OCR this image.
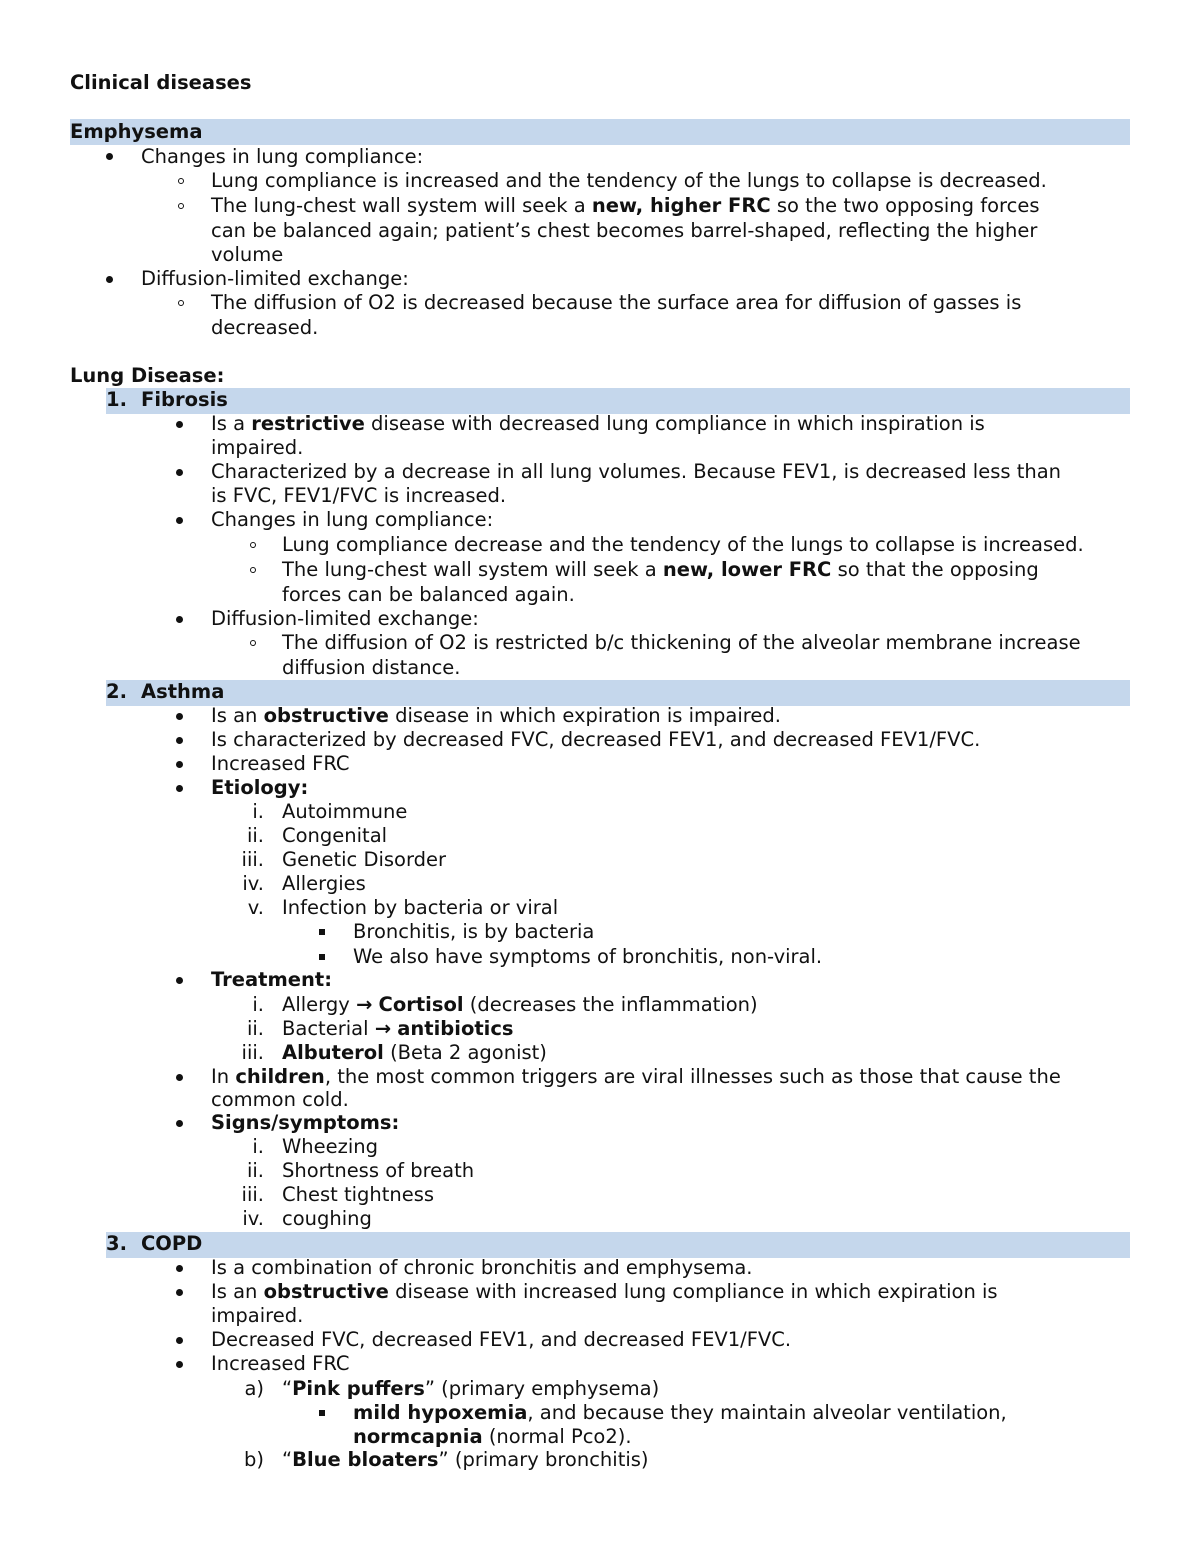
Clinical diseases
Emphysema
Changes in lung compliance:
Lung compliance is increased and the tendency of the lungs to collapse is decreased.
The lung-chest wall system will seek a new, higher FRC so the two opposing forces
can be balanced again; patient’s chest becomes barrel-shaped, reflecting the higher
volume
Diffusion-limited exchange:
The diffusion of O2 is decreased because the surface area for diffusion of gasses is
decreased.
Lung Disease:
1. Fibrosis
Is a restrictive disease with decreased lung compliance in which inspiration is
impaired.
Characterized by a decrease in all lung volumes. Because FEV1, is decreased less than
is FVC, FEV1/FVC is increased.
Changes in lung compliance:
Lung compliance decrease and the tendency of the lungs to collapse is increased.
The lung-chest wall system will seek a new, lower FRC so that the opposing
forces can be balanced again.
Diffusion-limited exchange:
The diffusion of O2 is restricted b/c thickening of the alveolar membrane increase
diffusion distance.
2. Asthma
Is an obstructive disease in which expiration is impaired.
Is characterized by decreased FVC, decreased FEV1, and decreased FEV1/FVC.
Increased FRC
Etiology:
i. Autoimmune
ii. Congenital
iii. Genetic Disorder
iv. Allergies
v. Infection by bacteria or viral
Bronchitis, is by bacteria
We also have symptoms of bronchitis, non-viral.
Treatment:
i. Allergy → Cortisol (decreases the inflammation)
ii. Bacterial → antibiotics
iii. Albuterol (Beta 2 agonist)
In children, the most common triggers are viral illnesses such as those that cause the
common cold.
Signs/symptoms:
i. Wheezing
ii. Shortness of breath
iii. Chest tightness
iv. coughing
3. COPD
Is a combination of chronic bronchitis and emphysema.
Is an obstructive disease with increased lung compliance in which expiration is
impaired.
Decreased FVC, decreased FEV1, and decreased FEV1/FVC.
Increased FRC
a) “Pink puffers” (primary emphysema)
mild hypoxemia, and because they maintain alveolar ventilation,
normcapnia (normal Pco2).
b) “Blue bloaters” (primary bronchitis)
